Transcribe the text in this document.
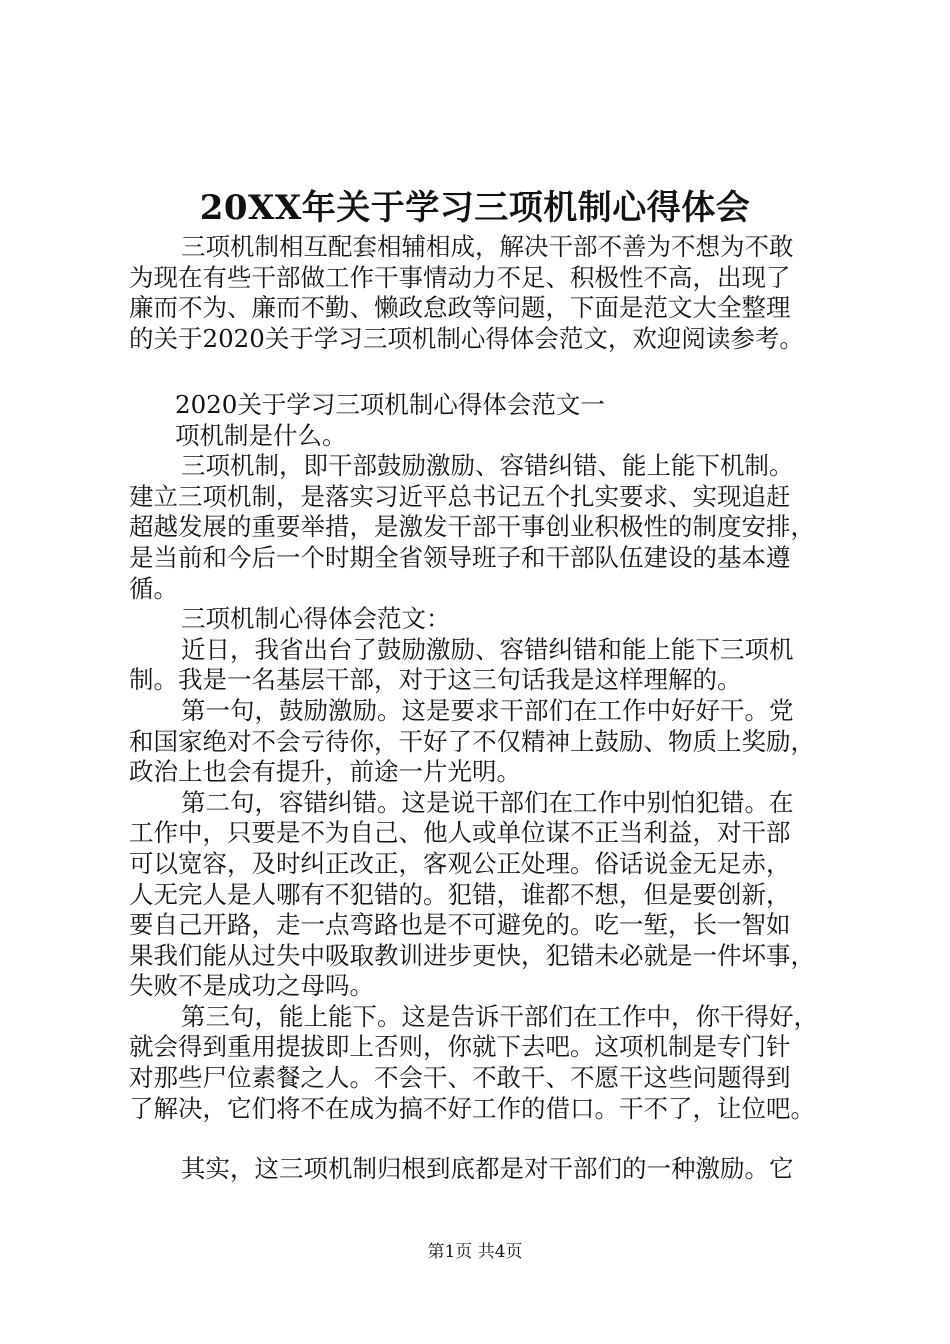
20XX年关于学习三项机制心得体会
三项机制相互配套相辅相成，解决干部不善为不想为不敢
为现在有些干部做工作干事情动力不足、积极性不高，出现了
廉而不为、廉而不勤、懒政怠政等问题，下面是范文大全整理
的关于2020关于学习三项机制心得体会范文，欢迎阅读参考。
2020关于学习三项机制心得体会范文一
项机制是什么。
三项机制，即干部鼓励激励、容错纠错、能上能下机制。
建立三项机制，是落实习近平总书记五个扎实要求、实现追赶
超越发展的重要举措，是激发干部干事创业积极性的制度安排，
是当前和今后一个时期全省领导班子和干部队伍建设的基本遵
循。
三项机制心得体会范文：
近日，我省出台了鼓励激励、容错纠错和能上能下三项机
制。我是一名基层干部，对于这三句话我是这样理解的。
第一句，鼓励激励。这是要求干部们在工作中好好干。党
和国家绝对不会亏待你，干好了不仅精神上鼓励、物质上奖励，
政治上也会有提升，前途一片光明。
第二句，容错纠错。这是说干部们在工作中别怕犯错。在
工作中，只要是不为自己、他人或单位谋不正当利益，对干部
可以宽容，及时纠正改正，客观公正处理。俗话说金无足赤，
人无完人是人哪有不犯错的。犯错，谁都不想，但是要创新，
要自己开路，走一点弯路也是不可避免的。吃一堑，长一智如
果我们能从过失中吸取教训进步更快，犯错未必就是一件坏事，
失败不是成功之母吗。
第三句，能上能下。这是告诉干部们在工作中，你干得好，
就会得到重用提拔即上否则，你就下去吧。这项机制是专门针
对那些尸位素餐之人。不会干、不敢干、不愿干这些问题得到
了解决，它们将不在成为搞不好工作的借口。干不了，让位吧。
其实，这三项机制归根到底都是对干部们的一种激励。它
第1页 共4页
